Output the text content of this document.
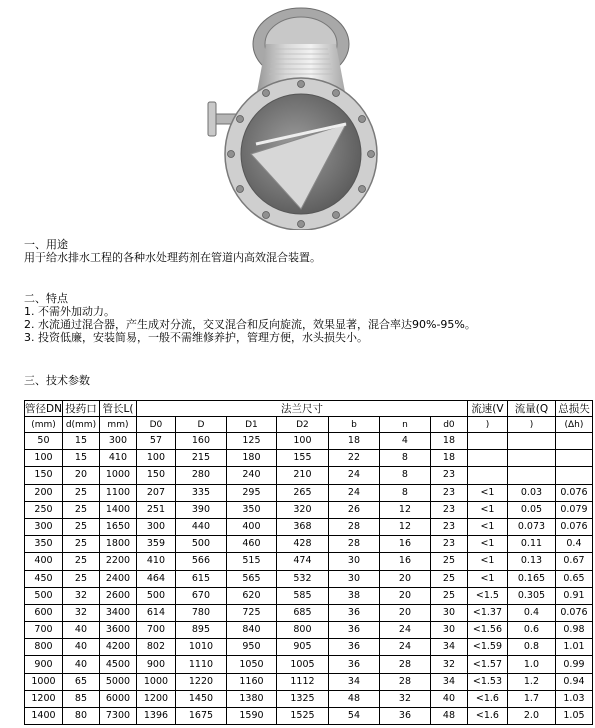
一、用途

用于给水排水工程的各种水处理药剂在管道内高效混合装置。

二、特点

1. 不需外加动力。

2. 水流通过混合器，产生成对分流，交叉混合和反向旋流，效果显著，混合率达90%-95%。

3. 投资低廉，安装简易，一般不需维修养护，管理方便，水头损失小。

三、技术参数

管径DN	投药口	管长L(	法兰尺寸							流速(V	流量(Q	总损失
(mm)	d(mm)	mm)	D0	D	D1	D2	b	n	d0	)	)	(Δh)
50	15	300	57	160	125	100	18	4	18			
100	15	410	100	215	180	155	22	8	18			
150	20	1000	150	280	240	210	24	8	23			
200	25	1100	207	335	295	265	24	8	23	<1	0.03	0.076
250	25	1400	251	390	350	320	26	12	23	<1	0.05	0.079
300	25	1650	300	440	400	368	28	12	23	<1	0.073	0.076
350	25	1800	359	500	460	428	28	16	23	<1	0.11	0.4
400	25	2200	410	566	515	474	30	16	25	<1	0.13	0.67
450	25	2400	464	615	565	532	30	20	25	<1	0.165	0.65
500	32	2600	500	670	620	585	38	20	25	<1.5	0.305	0.91
600	32	3400	614	780	725	685	36	20	30	<1.37	0.4	0.076
700	40	3600	700	895	840	800	36	24	30	<1.56	0.6	0.98
800	40	4200	802	1010	950	905	36	24	34	<1.59	0.8	1.01
900	40	4500	900	1110	1050	1005	36	28	32	<1.57	1.0	0.99
1000	65	5000	1000	1220	1160	1112	34	28	34	<1.53	1.2	0.94
1200	85	6000	1200	1450	1380	1325	48	32	40	<1.6	1.7	1.03
1400	80	7300	1396	1675	1590	1525	54	36	48	<1.6	2.0	1.05
